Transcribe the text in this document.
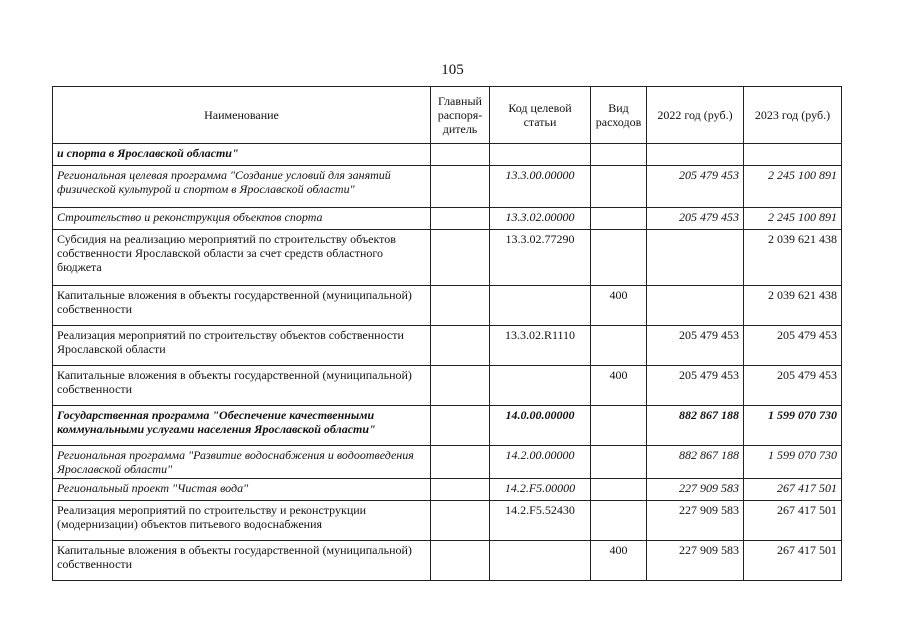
105
Наименование	Главный распоря-дитель	Код целевой статьи	Вид расходов	2022 год (руб.)	2023 год (руб.)
и спорта в Ярославской области"					
Региональная целевая программа "Создание условий для занятий физической культурой и спортом в Ярославской области"		13.3.00.00000		205 479 453	2 245 100 891
Строительство и реконструкция объектов спорта		13.3.02.00000		205 479 453	2 245 100 891
Субсидия на реализацию мероприятий по строительству объектов собственности Ярославской области за счет средств областного бюджета		13.3.02.77290			2 039 621 438
Капитальные вложения в объекты государственной (муниципальной) собственности			400		2 039 621 438
Реализация мероприятий по строительству объектов собственности Ярославской области		13.3.02.R1110		205 479 453	205 479 453
Капитальные вложения в объекты государственной (муниципальной) собственности			400	205 479 453	205 479 453
Государственная программа "Обеспечение качественными коммунальными услугами населения Ярославской области"		14.0.00.00000		882 867 188	1 599 070 730
Региональная программа "Развитие водоснабжения и водоотведения Ярославской области"		14.2.00.00000		882 867 188	1 599 070 730
Региональный проект "Чистая вода"		14.2.F5.00000		227 909 583	267 417 501
Реализация мероприятий по строительству и реконструкции (модернизации) объектов питьевого водоснабжения		14.2.F5.52430		227 909 583	267 417 501
Капитальные вложения в объекты государственной (муниципальной) собственности			400	227 909 583	267 417 501
